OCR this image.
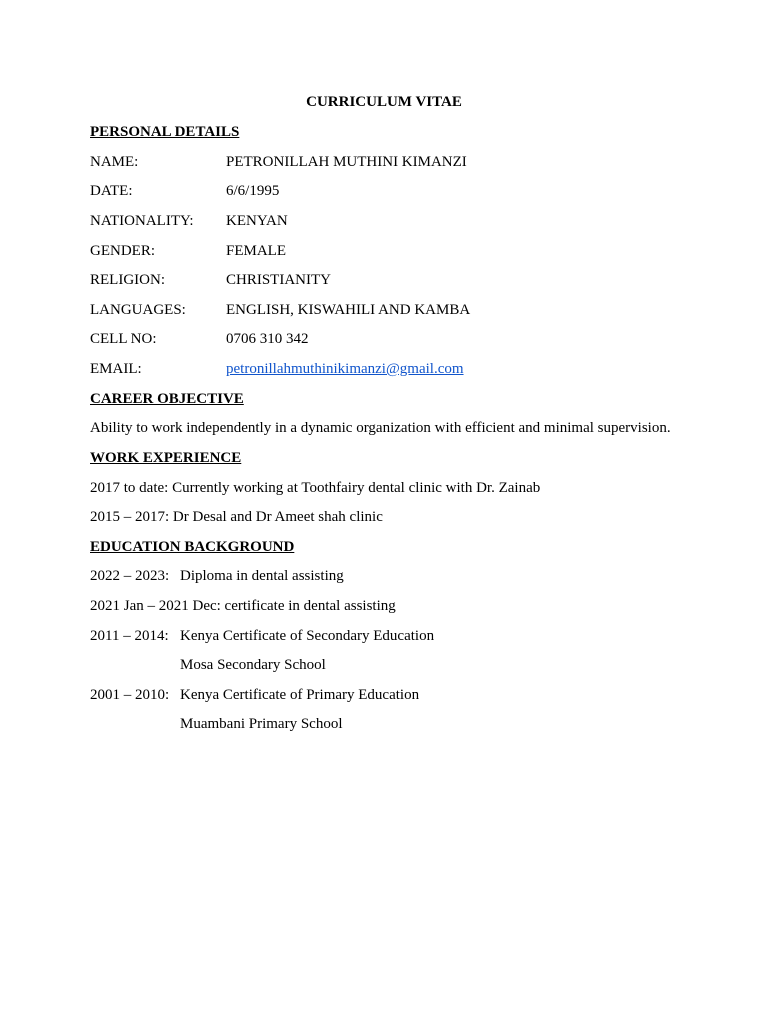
CURRICULUM VITAE
PERSONAL DETAILS
NAME:	PETRONILLAH MUTHINI KIMANZI
DATE:	6/6/1995
NATIONALITY: KENYAN
GENDER:	FEMALE
RELIGION:	CHRISTIANITY
LANGUAGES:	ENGLISH, KISWAHILI AND KAMBA
CELL NO:	0706 310 342
EMAIL:	petronillahmuthinikimanzi@gmail.com
CAREER OBJECTIVE
Ability to work independently in a dynamic organization with efficient and minimal supervision.
WORK EXPERIENCE
2017 to date: Currently working at Toothfairy dental clinic with Dr. Zainab
2015 – 2017: Dr Desal and Dr Ameet shah clinic
EDUCATION BACKGROUND
2022 – 2023: Diploma in dental assisting
2021 Jan – 2021 Dec: certificate in dental assisting
2011 – 2014: Kenya Certificate of Secondary Education
Mosa Secondary School
2001 – 2010: Kenya Certificate of Primary Education
Muambani Primary School
